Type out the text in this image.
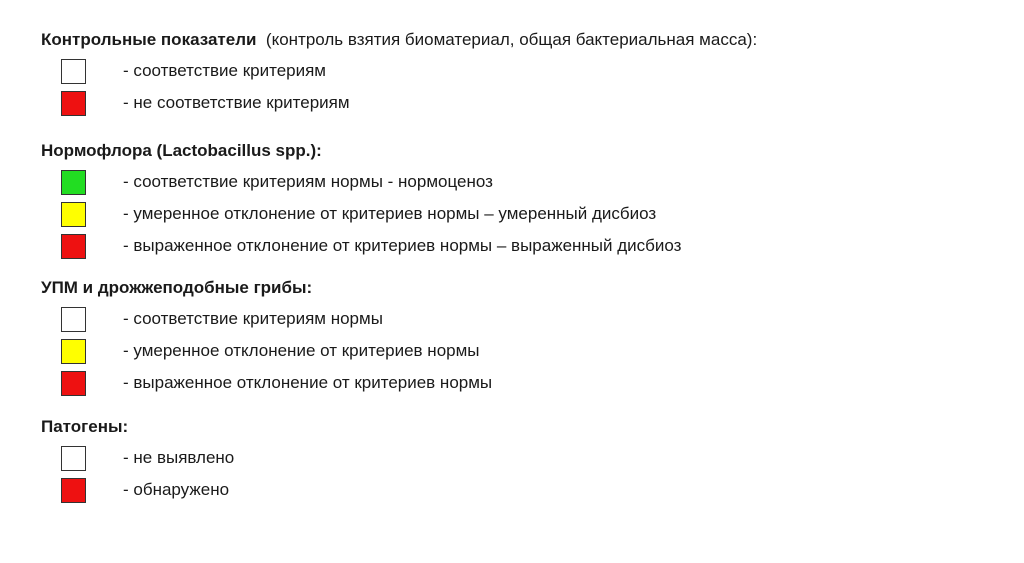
Контрольные показатели (контроль взятия биоматериал, общая бактериальная масса):
- соответствие критериям
- не соответствие критериям
Нормофлора (Lactobacillus spp.):
- соответствие критериям нормы - нормоценоз
- умеренное отклонение от критериев нормы – умеренный дисбиоз
- выраженное отклонение от критериев нормы – выраженный дисбиоз
УПМ и дрожжеподобные грибы:
- соответствие критериям нормы
- умеренное отклонение от критериев нормы
- выраженное отклонение от критериев нормы
Патогены:
- не выявлено
- обнаружено
